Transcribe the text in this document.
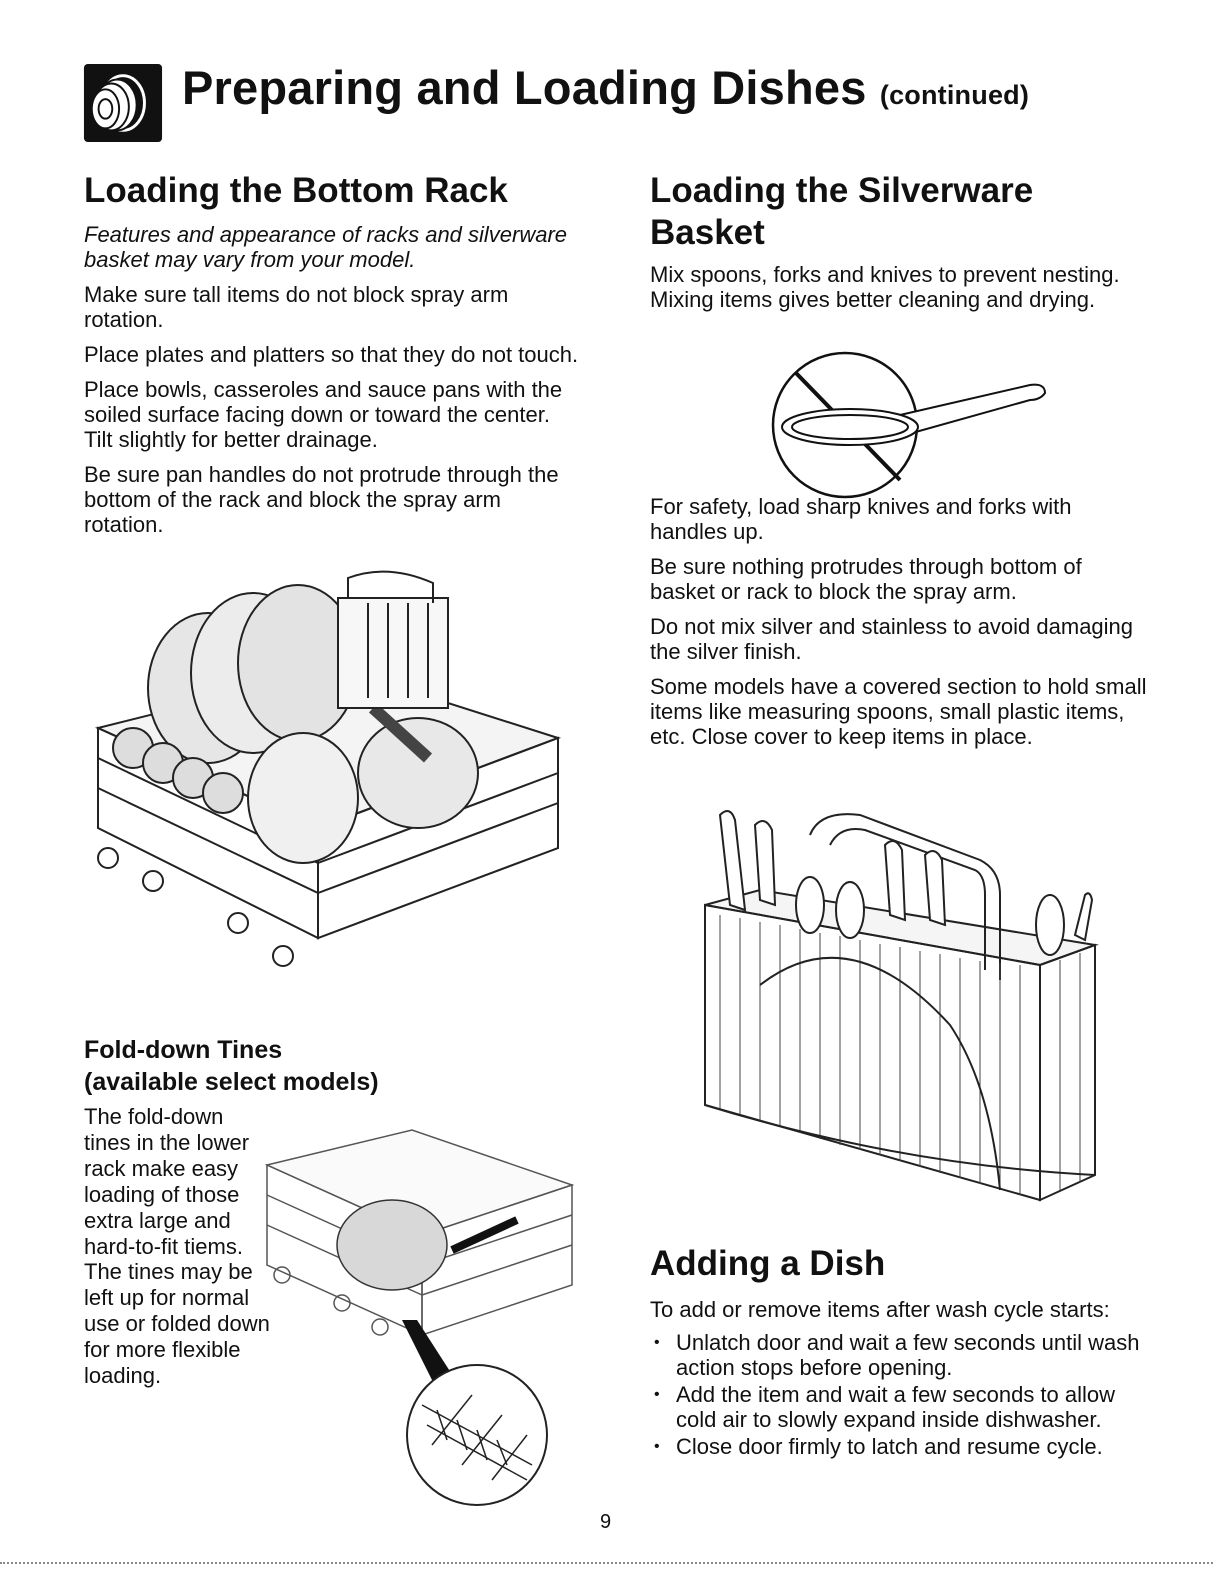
Preparing and Loading Dishes (continued)
Loading the Bottom Rack

Features and appearance of racks and silverware basket may vary from your model.

Make sure tall items do not block spray arm rotation.

Place plates and platters so that they do not touch.

Place bowls, casseroles and sauce pans with the soiled surface facing down or toward the center. Tilt slightly for better drainage.

Be sure pan handles do not protrude through the bottom of the rack and block the spray arm rotation.

Fold-down Tines
(available select models)
The fold-down tines in the lower rack make easy loading of those extra large and hard-to-fit tiems. The tines may be left up for normal use or folded down for more flexible loading.
Loading the Silverware
Basket

Mix spoons, forks and knives to prevent nesting. Mixing items gives better cleaning and drying.

For safety, load sharp knives and forks with handles up.

Be sure nothing protrudes through bottom of basket or rack to block the spray arm.

Do not mix silver and stainless to avoid damaging the silver finish.

Some models have a covered section to hold small items like measuring spoons, small plastic items, etc. Close cover to keep items in place.

Adding a Dish

To add or remove items after wash cycle starts:

• Unlatch door and wait a few seconds until wash action stops before opening.
• Add the item and wait a few seconds to allow cold air to slowly expand inside dishwasher.
• Close door firmly to latch and resume cycle.
9
